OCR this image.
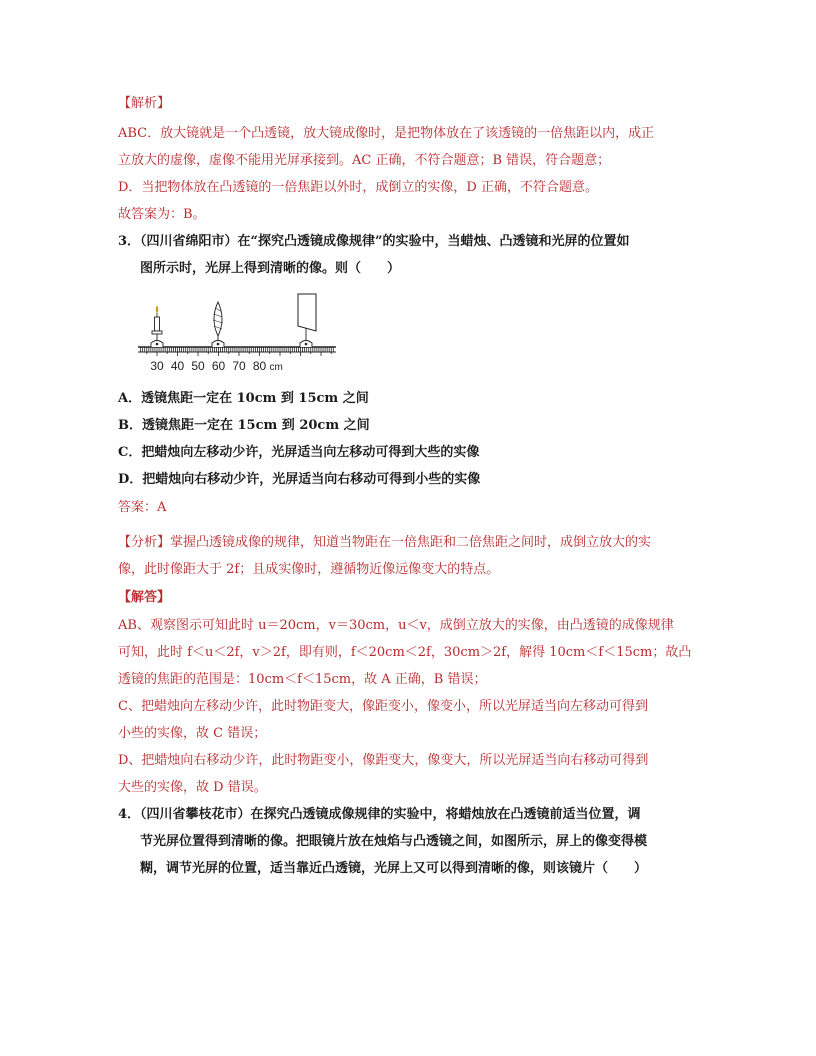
【解析】
ABC．放大镜就是一个凸透镜，放大镜成像时，是把物体放在了该透镜的一倍焦距以内，成正
立放大的虚像，虚像不能用光屏承接到。AC 正确，不符合题意；B 错误，符合题意；
D．当把物体放在凸透镜的一倍焦距以外时，成倒立的实像，D 正确，不符合题意。
故答案为：B。
3．（四川省绵阳市）在“探究凸透镜成像规律”的实验中，当蜡烛、凸透镜和光屏的位置如
图所示时，光屏上得到清晰的像。则（　　）
30 40 50 60 70 80 cm
A．透镜焦距一定在 10cm 到 15cm 之间
B．透镜焦距一定在 15cm 到 20cm 之间
C．把蜡烛向左移动少许，光屏适当向左移动可得到大些的实像
D．把蜡烛向右移动少许，光屏适当向右移动可得到小些的实像
答案：A
【分析】掌握凸透镜成像的规律，知道当物距在一倍焦距和二倍焦距之间时，成倒立放大的实
像，此时像距大于 2f；且成实像时，遵循物近像远像变大的特点。
【解答】
AB、观察图示可知此时 u＝20cm，v＝30cm，u＜v，成倒立放大的实像，由凸透镜的成像规律
可知，此时 f＜u＜2f，v＞2f，即有则，f＜20cm＜2f，30cm＞2f，解得 10cm＜f＜15cm；故凸
透镜的焦距的范围是：10cm＜f＜15cm，故 A 正确，B 错误；
C、把蜡烛向左移动少许，此时物距变大，像距变小，像变小，所以光屏适当向左移动可得到
小些的实像，故 C 错误；
D、把蜡烛向右移动少许，此时物距变小，像距变大，像变大，所以光屏适当向右移动可得到
大些的实像，故 D 错误。
4．（四川省攀枝花市）在探究凸透镜成像规律的实验中，将蜡烛放在凸透镜前适当位置，调
节光屏位置得到清晰的像。把眼镜片放在烛焰与凸透镜之间，如图所示，屏上的像变得模
糊，调节光屏的位置，适当靠近凸透镜，光屏上又可以得到清晰的像，则该镜片（　　）
